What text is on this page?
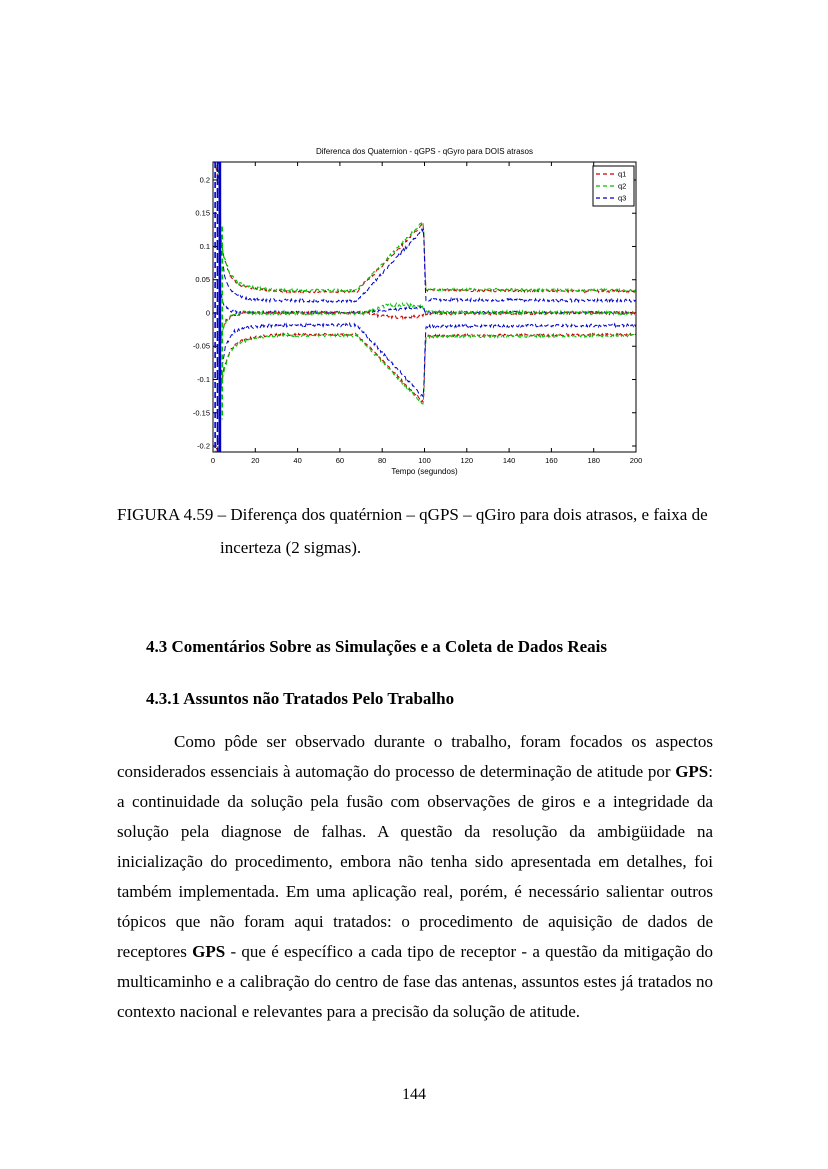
Diferenca dos Quaternion - qGPS - qGyro para DOIS atrasos
Tempo (segundos)
0	20	40	60	80	100	120	140	160	180	200
0.2
0.15
0.1
0.05
0
-0.05
-0.1
-0.15
-0.2
q1
q2
q3
FIGURA 4.59 – Diferença dos quatérnion – qGPS – qGiro para dois atrasos, e faixa de
incerteza (2 sigmas).
4.3 Comentários Sobre as Simulações e a Coleta de Dados Reais
4.3.1 Assuntos não Tratados Pelo Trabalho

Como pôde ser observado durante o trabalho, foram focados os aspectos considerados essenciais à automação do processo de determinação de atitude por GPS: a continuidade da solução pela fusão com observações de giros e a integridade da solução pela diagnose de falhas. A questão da resolução da ambigüidade na inicialização do procedimento, embora não tenha sido apresentada em detalhes, foi também implementada. Em uma aplicação real, porém, é necessário salientar outros tópicos que não foram aqui tratados: o procedimento de aquisição de dados de receptores GPS - que é específico a cada tipo de receptor - a questão da mitigação do multicaminho e a calibração do centro de fase das antenas, assuntos estes já tratados no contexto nacional e relevantes para a precisão da solução de atitude.

144
